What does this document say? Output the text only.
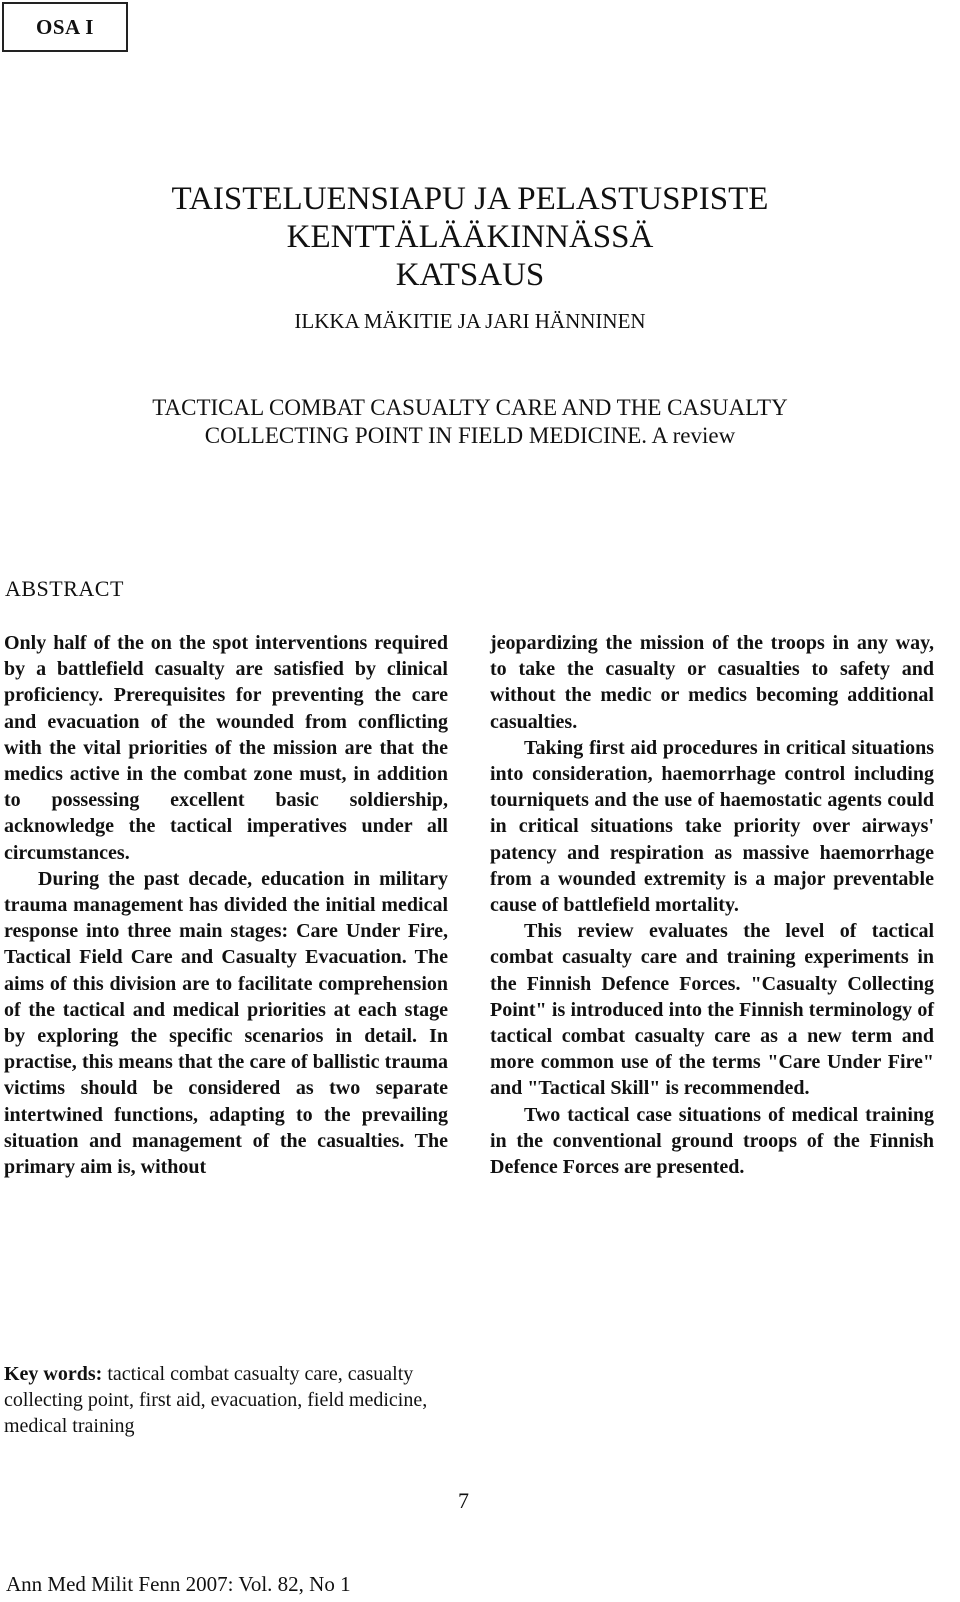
OSA I
TAISTELUENSIAPU JA PELASTUSPISTE
KENTTÄLÄÄKINNÄSSÄ
KATSAUS
ILKKA MÄKITIE JA JARI HÄNNINEN
TACTICAL COMBAT CASUALTY CARE AND THE CASUALTY
COLLECTING POINT IN FIELD MEDICINE. A review
ABSTRACT

Only half of the on the spot interventions required by a battlefield casualty are satisfied by clinical proficiency. Prerequisites for preventing the care and evacuation of the wounded from conflicting with the vital priorities of the mission are that the medics active in the combat zone must, in addition to possessing excellent basic soldiership, acknowledge the tactical imperatives under all circumstances.

During the past decade, education in military trauma management has divided the initial medical response into three main stages: Care Under Fire, Tactical Field Care and Casualty Evacuation. The aims of this division are to facilitate comprehension of the tactical and medical priorities at each stage by exploring the specific scenarios in detail. In practise, this means that the care of ballistic trauma victims should be considered as two separate intertwined functions, adapting to the prevailing situation and management of the casualties. The primary aim is, without

jeopardizing the mission of the troops in any way, to take the casualty or casualties to safety and without the medic or medics becoming additional casualties.

Taking first aid procedures in critical situations into consideration, haemorrhage control including tourniquets and the use of haemostatic agents could in critical situations take priority over airways' patency and respiration as massive haemorrhage from a wounded extremity is a major preventable cause of battlefield mortality.

This review evaluates the level of tactical combat casualty care and training experiments in the Finnish Defence Forces. "Casualty Collecting Point" is introduced into the Finnish terminology of tactical combat casualty care as a new term and more common use of the terms "Care Under Fire" and "Tactical Skill" is recommended.

Two tactical case situations of medical training in the conventional ground troops of the Finnish Defence Forces are presented.

Key words: tactical combat casualty care, casualty collecting point, first aid, evacuation, field medicine, medical training
7
Ann Med Milit Fenn 2007: Vol. 82, No 1
